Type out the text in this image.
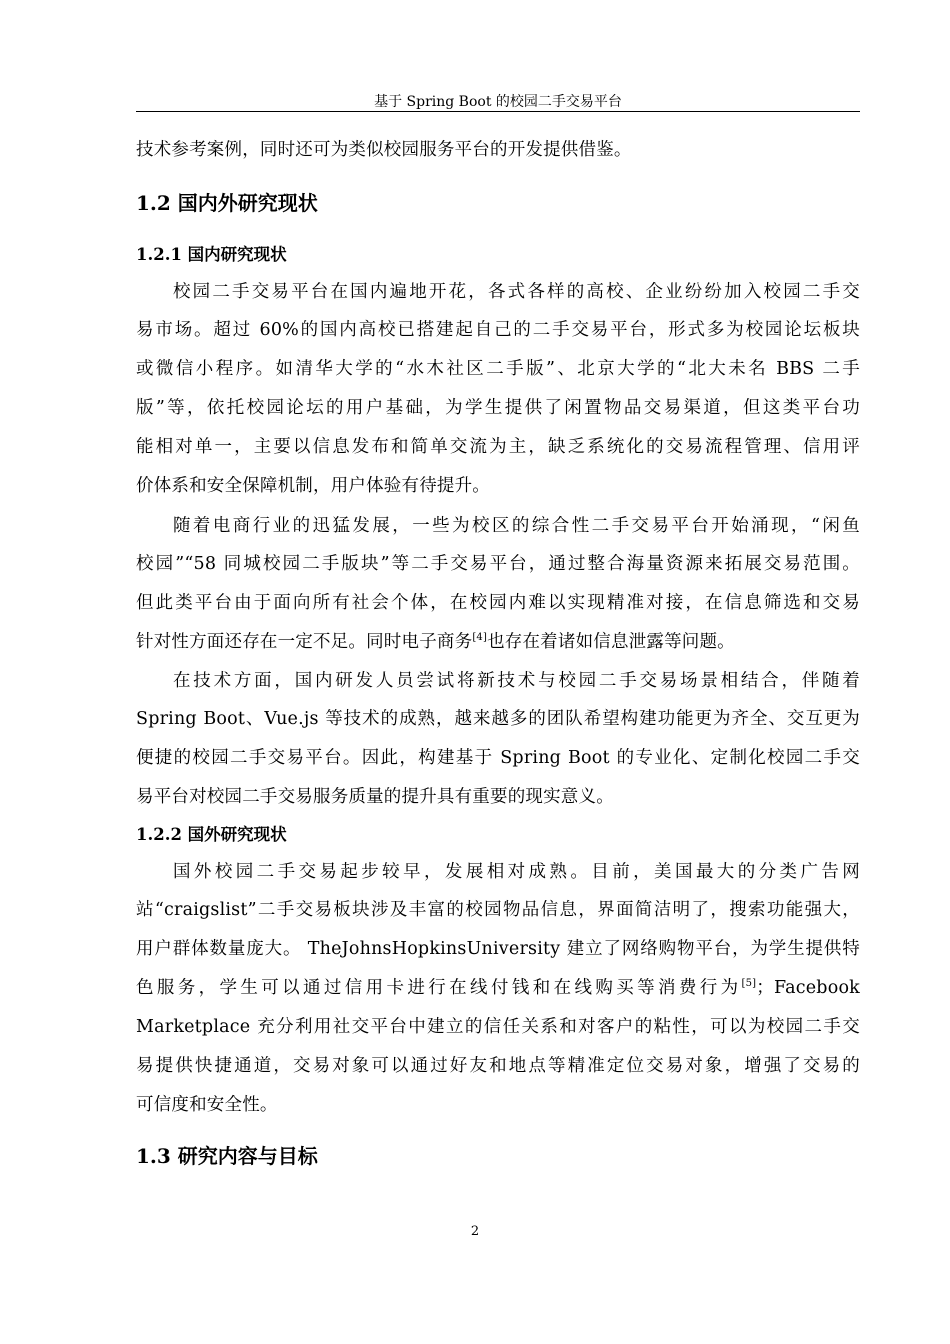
基于 Spring Boot 的校园二手交易平台
技术参考案例，同时还可为类似校园服务平台的开发提供借鉴。
1.2 国内外研究现状
1.2.1 国内研究现状
校园二手交易平台在国内遍地开花，各式各样的高校、企业纷纷加入校园二手交
易市场。超过 60%的国内高校已搭建起自己的二手交易平台，形式多为校园论坛板块
或微信小程序。如清华大学的“水木社区二手版”、北京大学的“北大未名 BBS 二手
版”等，依托校园论坛的用户基础，为学生提供了闲置物品交易渠道，但这类平台功
能相对单一，主要以信息发布和简单交流为主，缺乏系统化的交易流程管理、信用评
价体系和安全保障机制，用户体验有待提升。
随着电商行业的迅猛发展，一些为校区的综合性二手交易平台开始涌现，“闲鱼
校园”“58 同城校园二手版块”等二手交易平台，通过整合海量资源来拓展交易范围。
但此类平台由于面向所有社会个体，在校园内难以实现精准对接，在信息筛选和交易
针对性方面还存在一定不足。同时电子商务[4]也存在着诸如信息泄露等问题。
在技术方面，国内研发人员尝试将新技术与校园二手交易场景相结合，伴随着
Spring Boot、Vue.js 等技术的成熟，越来越多的团队希望构建功能更为齐全、交互更为
便捷的校园二手交易平台。因此，构建基于 Spring Boot 的专业化、定制化校园二手交
易平台对校园二手交易服务质量的提升具有重要的现实意义。
1.2.2 国外研究现状
国外校园二手交易起步较早，发展相对成熟。目前，美国最大的分类广告网
站“craigslist”二手交易板块涉及丰富的校园物品信息，界面简洁明了，搜索功能强大，
用户群体数量庞大。 TheJohnsHopkinsUniversity 建立了网络购物平台，为学生提供特
色服务，学生可以通过信用卡进行在线付钱和在线购买等消费行为[5]；Facebook
Marketplace 充分利用社交平台中建立的信任关系和对客户的粘性，可以为校园二手交
易提供快捷通道，交易对象可以通过好友和地点等精准定位交易对象，增强了交易的
可信度和安全性。
1.3 研究内容与目标
2
